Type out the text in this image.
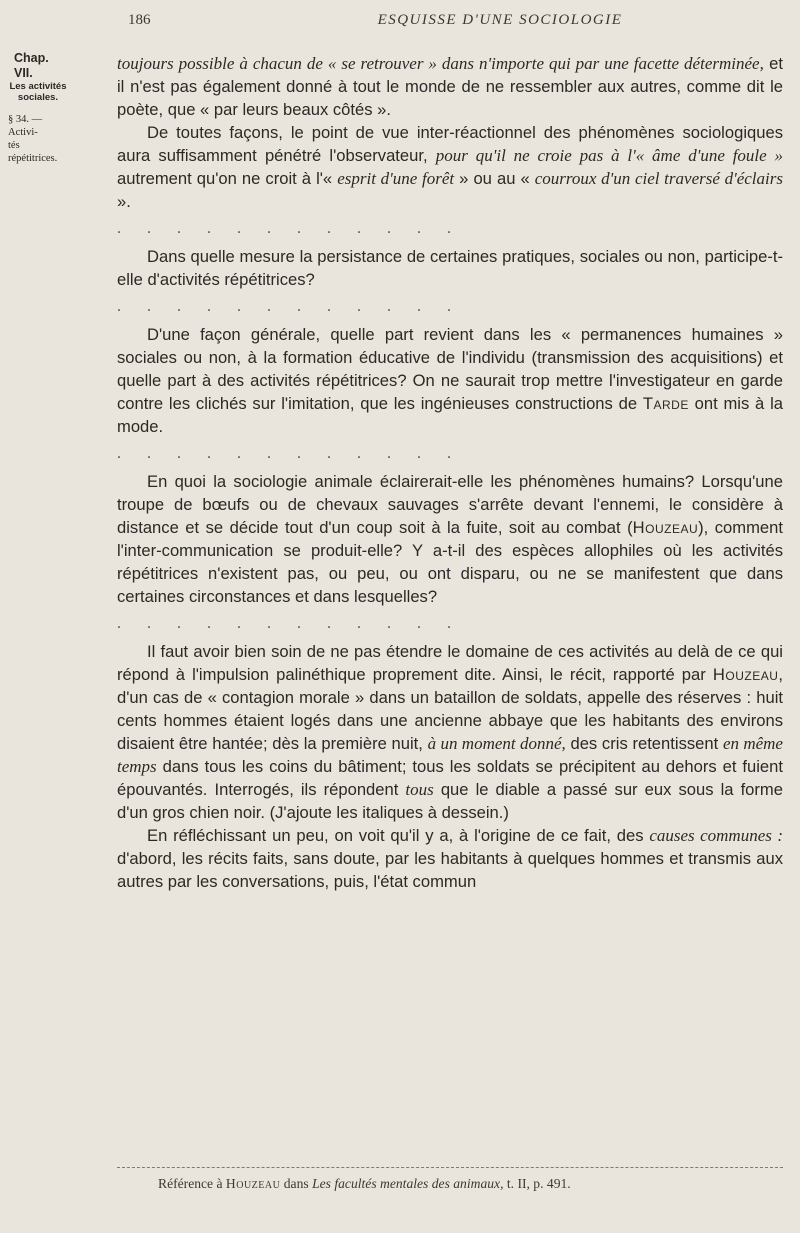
186	ESQUISSE D'UNE SOCIOLOGIE
Chap. VII.
Les activités
sociales.
§ 34. — Activi-
tés répétitrices.

toujours possible à chacun de « se retrouver » dans n'importe qui par une facette déterminée, et il n'est pas également donné à tout le monde de ne ressembler aux autres, comme dit le poète, que « par leurs beaux côtés ».

De toutes façons, le point de vue inter-réactionnel des phénomènes sociologiques aura suffisamment pénétré l'observateur, pour qu'il ne croie pas à l'« âme d'une foule » autrement qu'on ne croit à l'« esprit d'une forêt » ou au « courroux d'un ciel traversé d'éclairs ».

. . . . . . . . . . . .

Dans quelle mesure la persistance de certaines pratiques, sociales ou non, participe-t-elle d'activités répétitrices?

. . . . . . . . . . . .

D'une façon générale, quelle part revient dans les « permanences humaines » sociales ou non, à la formation éducative de l'individu (transmission des acquisitions) et quelle part à des activités répétitrices? On ne saurait trop mettre l'investigateur en garde contre les clichés sur l'imitation, que les ingénieuses constructions de Tarde ont mis à la mode.

. . . . . . . . . . . .

En quoi la sociologie animale éclairerait-elle les phénomènes humains? Lorsqu'une troupe de bœufs ou de chevaux sauvages s'arrête devant l'ennemi, le considère à distance et se décide tout d'un coup soit à la fuite, soit au combat (Houzeau), comment l'inter-communication se produit-elle? Y a-t-il des espèces allophiles où les activités répétitrices n'existent pas, ou peu, ou ont disparu, ou ne se manifestent que dans certaines circonstances et dans lesquelles?

. . . . . . . . . . . .

Il faut avoir bien soin de ne pas étendre le domaine de ces activités au delà de ce qui répond à l'impulsion palinéthique proprement dite. Ainsi, le récit, rapporté par Houzeau, d'un cas de « contagion morale » dans un bataillon de soldats, appelle des réserves : huit cents hommes étaient logés dans une ancienne abbaye que les habitants des environs disaient être hantée; dès la première nuit, à un moment donné, des cris retentissent en même temps dans tous les coins du bâtiment; tous les soldats se précipitent au dehors et fuient épouvantés. Interrogés, ils répondent tous que le diable a passé sur eux sous la forme d'un gros chien noir. (J'ajoute les italiques à dessein.)

En réfléchissant un peu, on voit qu'il y a, à l'origine de ce fait, des causes communes : d'abord, les récits faits, sans doute, par les habitants à quelques hommes et transmis aux autres par les conversations, puis, l'état commun

Référence à Houzeau dans Les facultés mentales des animaux, t. II, p. 491.
